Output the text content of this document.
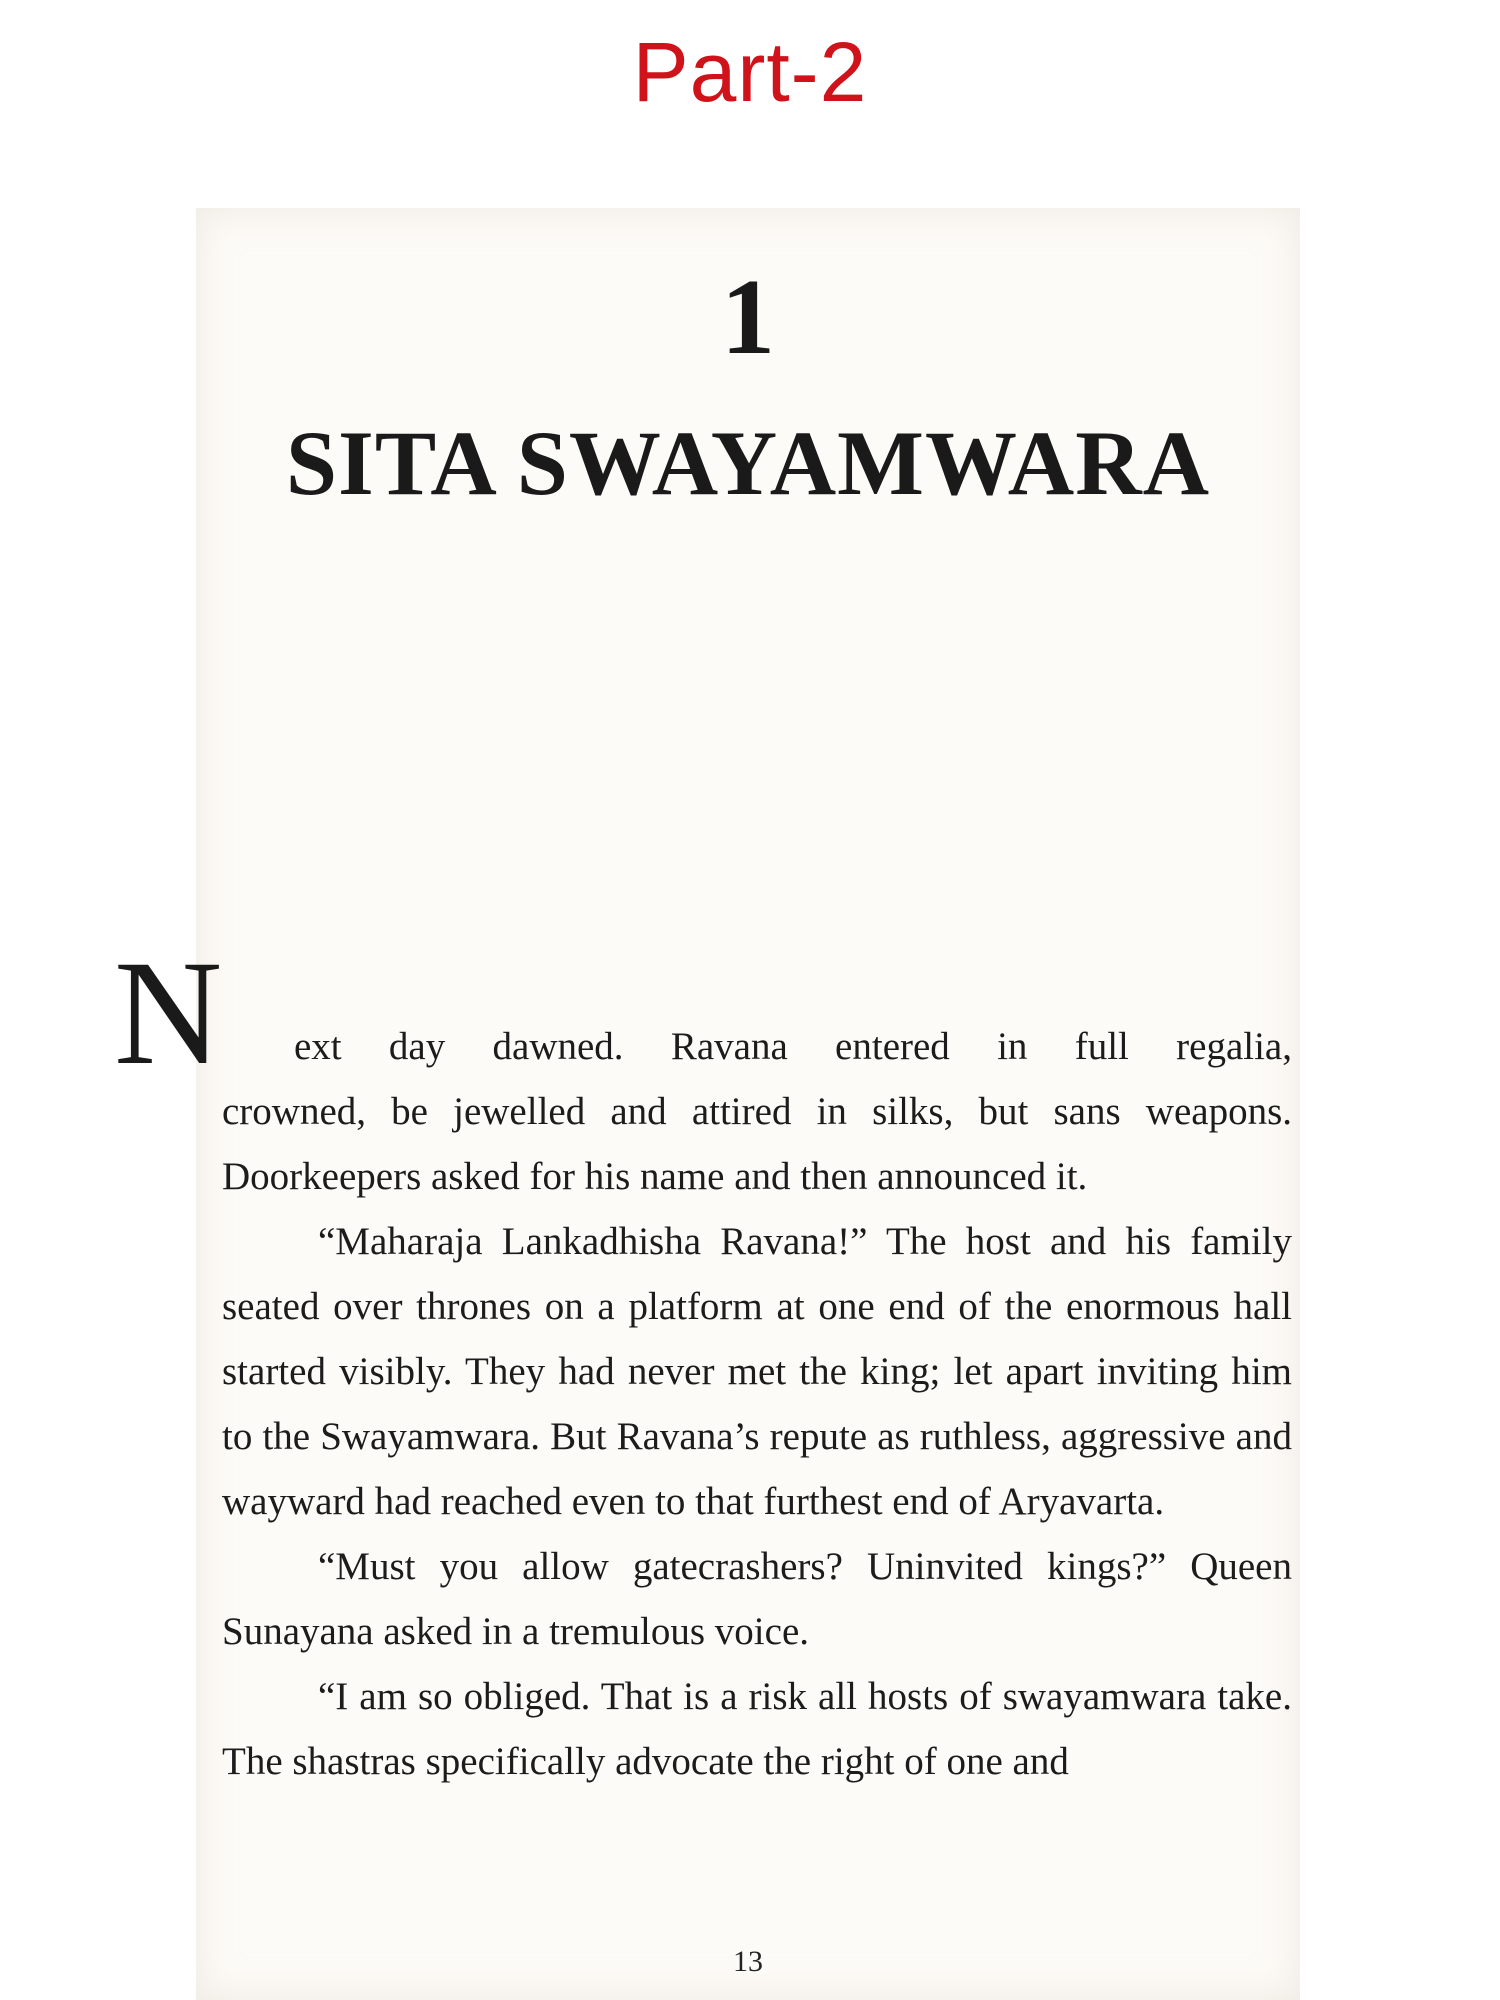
Part-2
1
SITA SWAYAMWARA
13
N ext day dawned. Ravana entered in full regalia,

crowned, be jewelled and attired in silks, but sans weapons. Doorkeepers asked for his name and then announced it.

“Maharaja Lankadhisha Ravana!” The host and his family seated over thrones on a platform at one end of the enormous hall started visibly. They had never met the king; let apart inviting him to the Swayamwara. But Ravana’s repute as ruthless, aggressive and wayward had reached even to that furthest end of Aryavarta.

“Must you allow gatecrashers? Uninvited kings?” Queen Sunayana asked in a tremulous voice.

“I am so obliged. That is a risk all hosts of swayamwara take. The shastras specifically advocate the right of one and
